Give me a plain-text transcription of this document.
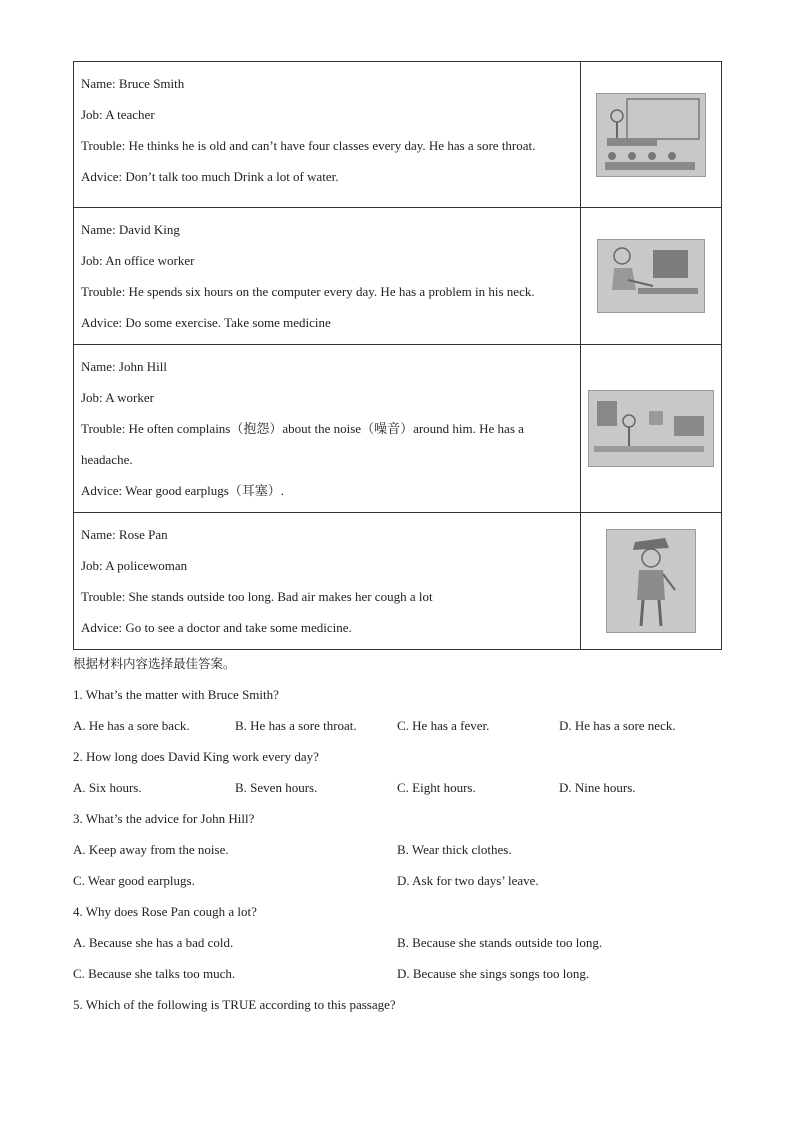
Name: Bruce Smith

Job: A teacher

Trouble: He thinks he is old and can’t have four classes every day. He has a sore throat.

Advice: Don’t talk too much Drink a lot of water.

Name: David King

Job: An office worker

Trouble: He spends six hours on the computer every day. He has a problem in his neck.

Advice: Do some exercise. Take some medicine

Name: John Hill

Job: A worker

Trouble: He often complains（抱怨）about the noise（噪音）around him. He has a headache.

Advice: Wear good earplugs（耳塞）.

Name: Rose Pan

Job: A policewoman

Trouble: She stands outside too long. Bad air makes her cough a lot

Advice: Go to see a doctor and take some medicine.

根据材料内容选择最佳答案。

1. What’s the matter with Bruce Smith?

A. He has a sore back.	B. He has a sore throat.	C. He has a fever.	D. He has a sore neck.

2. How long does David King work every day?

A. Six hours.	B. Seven hours.	C. Eight hours.	D. Nine hours.

3. What’s the advice for John Hill?

A. Keep away from the noise.	B. Wear thick clothes.
C. Wear good earplugs.	D. Ask for two days’ leave.

4. Why does Rose Pan cough a lot?

A. Because she has a bad cold.	B. Because she stands outside too long.
C. Because she talks too much.	D. Because she sings songs too long.

5. Which of the following is TRUE according to this passage?
